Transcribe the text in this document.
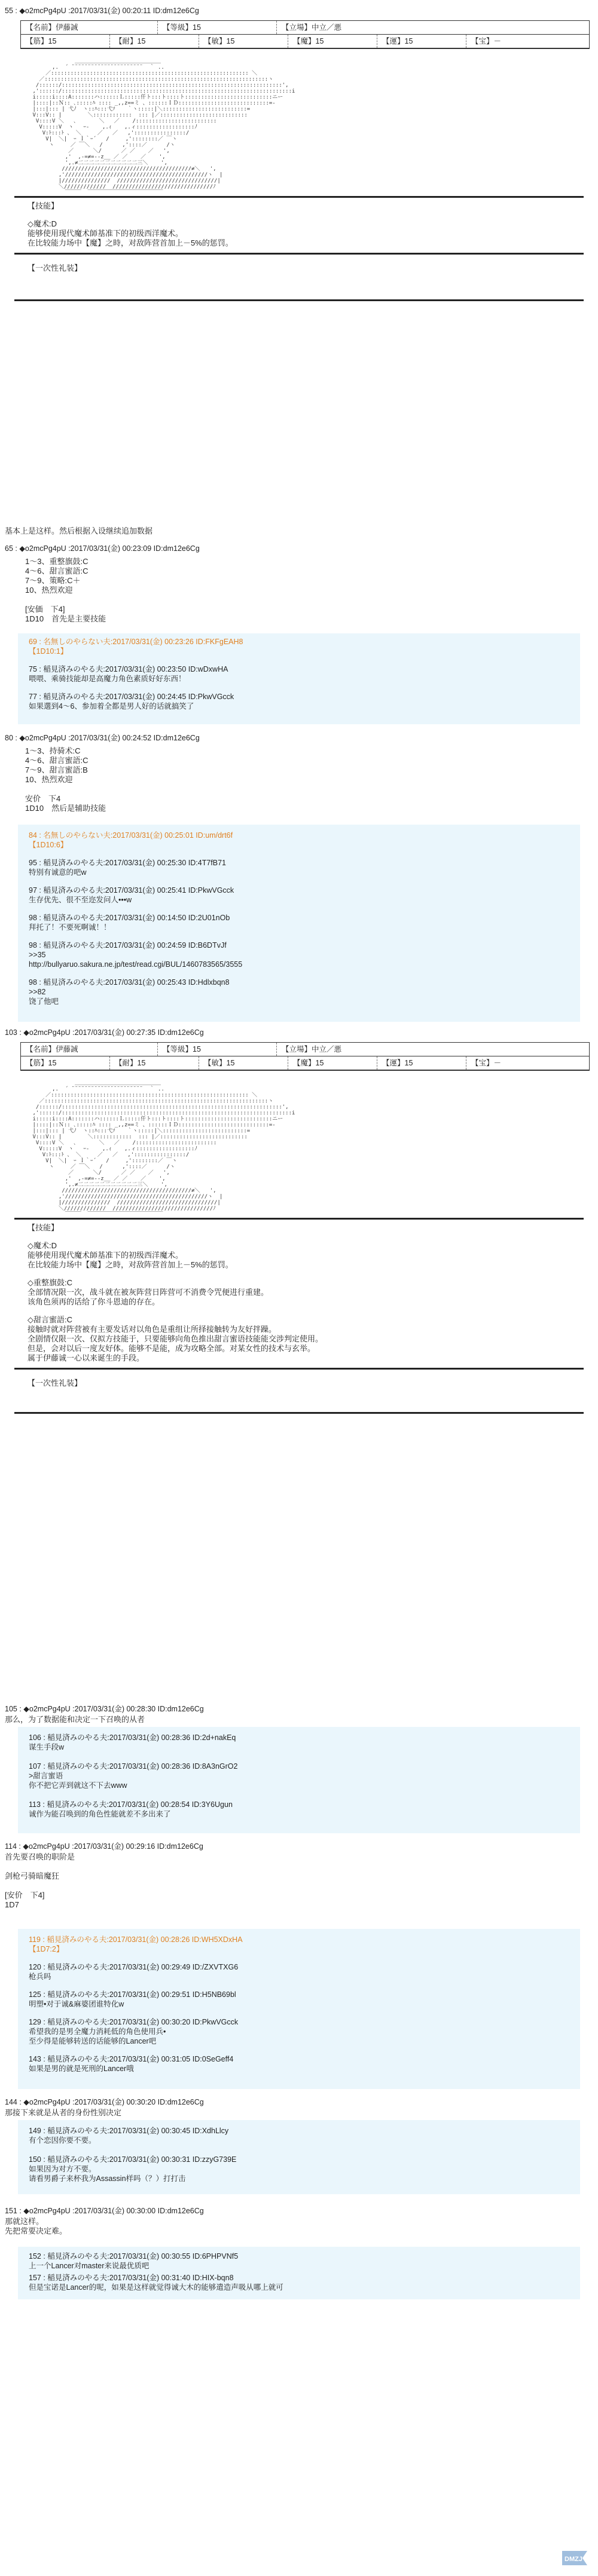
55 : ◆o2mcPg4pU :2017/03/31(金) 00:20:11 ID:dm12e6Cg
【名前】伊藤誠	【等級】15	【立場】中立／悪
【筋】15	【耐】15	【敏】15	【魔】15	【運】15	【宝】－

＿＿＿＿＿＿＿＿＿＿＿＿＿＿＿＿
,.  ´ ¨¨¨¨¨¨¨¨¨¨¨¨¨¨¨¨¨¨¨¨¨¨  ｀ ..
／::::::::::::::::::::::::::::::::::::::::::::::::::::::::::::: ＼
／:::::::::::::::::::::::::::::::::::::::::::::::::::::::::::::::::::::ヽ
/::::::/::::::::::::::::::::::::::::::::::::::::::::::::::::::::::::::::::::',
,'::::::/:::::::::::::::::::::::::::::::::::::::::::::::::::::::::::::::::::::::i
i:::::i::::A:::::::ハ::::::Ｌ:::::仟ト:::ト::::ト:::::::::::::::::::::::::::ニー
|::::|::Ｎ:: ､:::::ﾊ :::: _,,z==ミ 、::::::ＩＤ::::::::::::::::::::::::::::=‐
|:::|::: | 弋ﾉ  ヽ::ﾊ:::弋ｿ 　 ｀ヽ:::::|＼::::::::::::::::::::::::::=
V:::V:: |        ＼::::::::::::  ::: |／:::::::::::::::::::::::::::
V::::V ＼   ､       ＼   ／    /:::::::::::::::::::::::::
V:::::V  ヽ   ｰ-    ,.ｨ    ,.ィ::::::::::::::::::ﾉ
V:ﾄ:::ﾄ 、 ＼     ／   ／   ,'::::::::::::::::/
V|  ＼|  ｰ ｌ｀ｰ´   /     ,'::::::::／ ￣ヽ
ヽ     ／ ￣＼   /      ,'::::／      /ヽ
／      ＼/      ／ ／    ／   ',
,'  ,-=≠=‐-z__ ／ ／    ／    ',
',.≠二二二二二二二二二二二三＼    ',
////////////////////////////////////////≠＼   ',
,'////////////////////////////////////////////ヽ  |
|///////////////  ///////////////////////////////|
＼/////////////  ///////////////////////////////ﾉ
￣￣￣  ￣￣￣￣￣￣￣￣￣￣￣￣￣￣

【技能】
◇魔术:D
能够使用现代魔术師基准下的初级西洋魔术。
在比较能力场中【魔】之時，对敌阵营首加上－5%的惩罚。
【一次性礼装】
基本上是这样。然后根据入设继续追加数据
65 : ◆o2mcPg4pU :2017/03/31(金) 00:23:09 ID:dm12e6Cg
1～3、重整旗鼓:C
4～6、甜言蜜語:C
7～9、策略:C＋
10、热烈欢迎
[安価　下4]
1D10　首先是主要技能
69 : 名無しのやらない夫:2017/03/31(金) 00:23:26 ID:FKFgEAH8
【1D10:1】
75 : 稲見済みのやる夫:2017/03/31(金) 00:23:50 ID:wDxwHA
喂喂、乘骑技能却是高魔力角色素质好好东西！
77 : 稲見済みのやる夫:2017/03/31(金) 00:24:45 ID:PkwVGcck
如果選到4～6、参加着全都是男人好的话就搞笑了
80 : ◆o2mcPg4pU :2017/03/31(金) 00:24:52 ID:dm12e6Cg
1～3、持骑术:C
4～6、甜言蜜語:C
7～9、甜言蜜語:B
10、热烈欢迎
安价　下4
1D10　然后是辅助技能
84 : 名無しのやらない夫:2017/03/31(金) 00:25:01 ID:um/drt6f
【1D10:6】
95 : 稲見済みのやる夫:2017/03/31(金) 00:25:30 ID:4T7fB71
特别有诚意的吧w
97 : 稲見済みのやる夫:2017/03/31(金) 00:25:41 ID:PkwVGcck
生存优先、很不至迩发问人•••w
98 : 稲見済みのやる夫:2017/03/31(金) 00:14:50 ID:2U01nOb
拜托了！不要死啊诚！！
98 : 稲見済みのやる夫:2017/03/31(金) 00:24:59 ID:B6DTvJf
>>35
http://bullyaruo.sakura.ne.jp/test/read.cgi/BUL/1460783565/3555
98 : 稲見済みのやる夫:2017/03/31(金) 00:25:43 ID:Hdlxbqn8
>>82
饶了他吧
103 : ◆o2mcPg4pU :2017/03/31(金) 00:27:35 ID:dm12e6Cg
【名前】伊藤誠	【等級】15	【立場】中立／悪
【筋】15	【耐】15	【敏】15	【魔】15	【運】15	【宝】－

＿＿＿＿＿＿＿＿＿＿＿＿＿＿＿＿
,.  ´ ¨¨¨¨¨¨¨¨¨¨¨¨¨¨¨¨¨¨¨¨¨¨  ｀ ..
／::::::::::::::::::::::::::::::::::::::::::::::::::::::::::::: ＼
／:::::::::::::::::::::::::::::::::::::::::::::::::::::::::::::::::::::ヽ
/::::::/::::::::::::::::::::::::::::::::::::::::::::::::::::::::::::::::::::',
,'::::::/:::::::::::::::::::::::::::::::::::::::::::::::::::::::::::::::::::::::i
i:::::i::::A:::::::ハ::::::Ｌ:::::仟ト:::ト::::ト:::::::::::::::::::::::::::ニー
|::::|::Ｎ:: ､:::::ﾊ :::: _,,z==ミ 、::::::ＩＤ::::::::::::::::::::::::::::=‐
|:::|::: | 弋ﾉ  ヽ::ﾊ:::弋ｿ 　 ｀ヽ:::::|＼::::::::::::::::::::::::::=
V:::V:: |        ＼::::::::::::  ::: |／:::::::::::::::::::::::::::
V::::V ＼   ､       ＼   ／    /:::::::::::::::::::::::::
V:::::V  ヽ   ｰ-    ,.ｨ    ,.ィ::::::::::::::::::ﾉ
V:ﾄ:::ﾄ 、 ＼     ／   ／   ,'::::::::::::::::/
V|  ＼|  ｰ ｌ｀ｰ´   /     ,'::::::::／ ￣ヽ
ヽ     ／ ￣＼   /      ,'::::／      /ヽ
／      ＼/      ／ ／    ／   ',
,'  ,-=≠=‐-z__ ／ ／    ／    ',
',.≠二二二二二二二二二二二三＼    ',
////////////////////////////////////////≠＼   ',
,'////////////////////////////////////////////ヽ  |
|///////////////  ///////////////////////////////|
＼/////////////  ///////////////////////////////ﾉ
￣￣￣  ￣￣￣￣￣￣￣￣￣￣￣￣￣￣

【技能】
◇魔术:D
能够使用现代魔术師基准下的初级西洋魔术。
在比较能力场中【魔】之時，对敌阵营首加上－5%的惩罚。
◇重整旗鼓:C
全部情况限一次，战斗就在被灰阵营日阵营可不消费令咒便进行重建。
该角色须再的话给了你斗恩迪的存在。
◇甜言蜜語:C
接触时就对阵营被有主要发话对以角色是重组让所择接触转为友好拌躁。
全剧情仅限一次、仅拟方技能于，只要能够向角色推出甜言蜜语技能能交涉判定使用。
但是，会对以后一度友好体。能够不是能，成为攻略全部。对某女性的技术与玄举。
属于伊藤诚一心以来诞生的手段。
【一次性礼装】
105 : ◆o2mcPg4pU :2017/03/31(金) 00:28:30 ID:dm12e6Cg
那么，为了数据能和决定一下召唤的从者
106 : 稲見済みのやる夫:2017/03/31(金) 00:28:36 ID:2d+nakEq
谋生手段w
107 : 稲見済みのやる夫:2017/03/31(金) 00:28:36 ID:8A3nGrO2
>甜言蜜语
你不把它弄到就这不下去www
113 : 稲見済みのやる夫:2017/03/31(金) 00:28:54 ID:3Y6Ugun
诚作为能召唤到的角色性能就差不多出来了
114 : ◆o2mcPg4pU :2017/03/31(金) 00:29:16 ID:dm12e6Cg
首先要召唤的职阶是
剑枪弓骑暗魔狂
[安价　下4]
1D7
119 : 稲見済みのやる夫:2017/03/31(金) 00:28:26 ID:WH5XDxHA
【1D7:2】
120 : 稲見済みのやる夫:2017/03/31(金) 00:29:49 ID:/ZXVTXG6
枪兵吗
125 : 稲見済みのやる夫:2017/03/31(金) 00:29:51 ID:H5NB69bl
明塑•对于诚&麻婆团谁特化w
129 : 稲見済みのやる夫:2017/03/31(金) 00:30:20 ID:PkwVGcck
希望我的是男全魔力消耗低的角色使用兵•
至少得是能够转送的话能够的Lancer吧
143 : 稲見済みのやる夫:2017/03/31(金) 00:31:05 ID:0SeGeff4
如果是男的就是死刑的Lancer哦
144 : ◆o2mcPg4pU :2017/03/31(金) 00:30:20 ID:dm12e6Cg
那接下来就是从者的身份性别决定
149 : 稲見済みのやる夫:2017/03/31(金) 00:30:45 ID:XdhLlcy
有个恋因你要不要。
150 : 稲見済みのやる夫:2017/03/31(金) 00:30:31 ID:zzyG739E
如果因为对方不要。
请看男爵子来杯我为Assassin样吗（？）打打击
151 : ◆o2mcPg4pU :2017/03/31(金) 00:30:00 ID:dm12e6Cg
那就这样。
先把常要决定难。
152 : 稲見済みのやる夫:2017/03/31(金) 00:30:55 ID:6PHPVNf5
上一个Lancer对master来说最优质吧
157 : 稲見済みのやる夫:2017/03/31(金) 00:31:40 ID:HIX-bqn8
但是宝诺是Lancer的呢，如果是这样就觉得诚大木的能够遣造声吸从哪上就可
DMZJ
